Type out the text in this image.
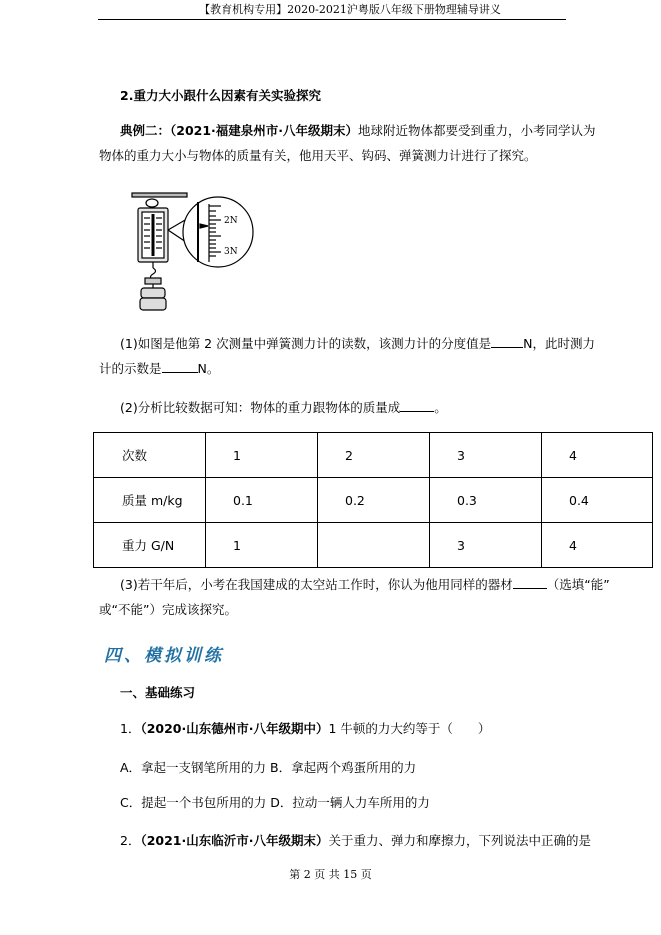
【教育机构专用】2020-2021沪粤版八年级下册物理辅导讲义
2.重力大小跟什么因素有关实验探究
典例二：（2021·福建泉州市·八年级期末）地球附近物体都要受到重力，小考同学认为
物体的重力大小与物体的质量有关，他用天平、钩码、弹簧测力计进行了探究。
2N
3N
(1)如图是他第 2 次测量中弹簧测力计的读数，该测力计的分度值是	N，此时测力
计的示数是	N。
(2)分析比较数据可知：物体的重力跟物体的质量成	。
次数	1	2	3	4
质量 m/kg	0.1	0.2	0.3	0.4
重力 G/N	1		3	4
(3)若干年后，小考在我国建成的太空站工作时，你认为他用同样的器材	（选填“能”
或“不能”）完成该探究。
四、模拟训练
一、基础练习
1．（2020·山东德州市·八年级期中）1 牛顿的力大约等于（　　）
A．拿起一支钢笔所用的力 B．拿起两个鸡蛋所用的力
C．提起一个书包所用的力 D．拉动一辆人力车所用的力
2．（2021·山东临沂市·八年级期末）关于重力、弹力和摩擦力，下列说法中正确的是
第 2 页 共 15 页
